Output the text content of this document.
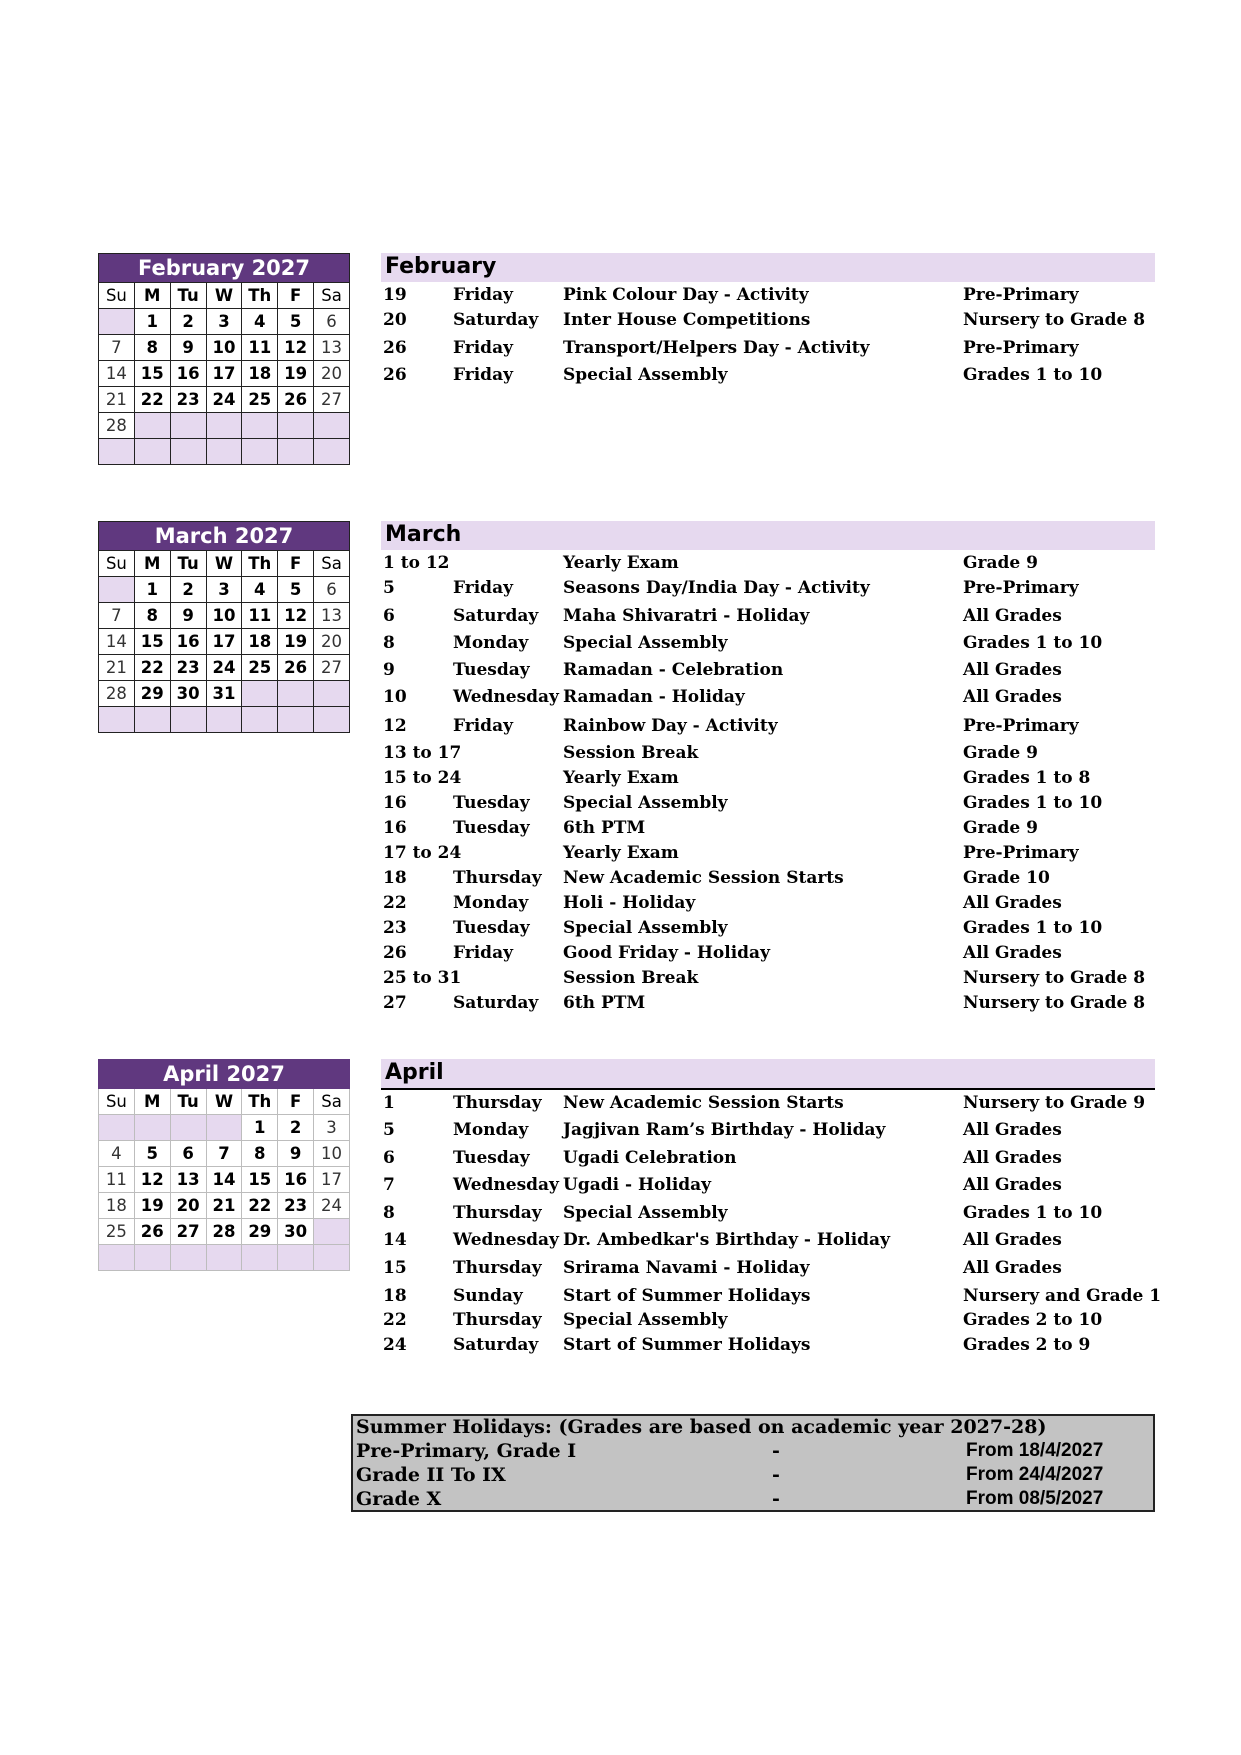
February 2027						
Su	M	Tu	W	Th	F	Sa
	1	2	3	4	5	6
7	8	9	10	11	12	13
14	15	16	17	18	19	20
21	22	23	24	25	26	27
28						

February
19	Friday	Pink Colour Day - Activity	Pre-Primary
20	Saturday Inter House Competitions	Nursery to Grade 8
26	Friday	Transport/Helpers Day - Activity	Pre-Primary
26	Friday	Special Assembly	Grades 1 to 10
March 2027						
Su	M	Tu	W	Th	F	Sa
	1	2	3	4	5	6
7	8	9	10	11	12	13
14	15	16	17	18	19	20
21	22	23	24	25	26	27
28	29	30	31			

March
1 to 12	Yearly Exam	Grade 9
5	Friday	Seasons Day/India Day - Activity	Pre-Primary
6	Saturday Maha Shivaratri - Holiday	All Grades
8	Monday Special Assembly	Grades 1 to 10
9	Tuesday Ramadan - Celebration	All Grades
10	Wednesday Ramadan - Holiday	All Grades
12	Friday	Rainbow Day - Activity	Pre-Primary
13 to 17	Session Break	Grade 9
15 to 24	Yearly Exam	Grades 1 to 8
16	Tuesday Special Assembly	Grades 1 to 10
16	Tuesday 6th PTM	Grade 9
17 to 24	Yearly Exam	Pre-Primary
18	Thursday New Academic Session Starts	Grade 10
22	Monday Holi - Holiday	All Grades
23	Tuesday Special Assembly	Grades 1 to 10
26	Friday	Good Friday - Holiday	All Grades
25 to 31	Session Break	Nursery to Grade 8
27	Saturday 6th PTM	Nursery to Grade 8
April 2027						
Su	M	Tu	W	Th	F	Sa
				1	2	3
4	5	6	7	8	9	10
11	12	13	14	15	16	17
18	19	20	21	22	23	24
25	26	27	28	29	30	

April
1	Thursday New Academic Session Starts	Nursery to Grade 9
5	Monday Jagjivan Ram’s Birthday - Holiday	All Grades
6	Tuesday Ugadi Celebration	All Grades
7	Wednesday Ugadi - Holiday	All Grades
8	Thursday Special Assembly	Grades 1 to 10
14	Wednesday Dr. Ambedkar's Birthday - Holiday	All Grades
15	Thursday Srirama Navami - Holiday	All Grades
18	Sunday Start of Summer Holidays	Nursery and Grade 1
22	Thursday Special Assembly	Grades 2 to 10
24	Saturday Start of Summer Holidays	Grades 2 to 9
Summer Holidays: (Grades are based on academic year 2027-28)
Pre-Primary, Grade I	-	From 18/4/2027
Grade II To IX	-	From 24/4/2027
Grade X	-	From 08/5/2027
